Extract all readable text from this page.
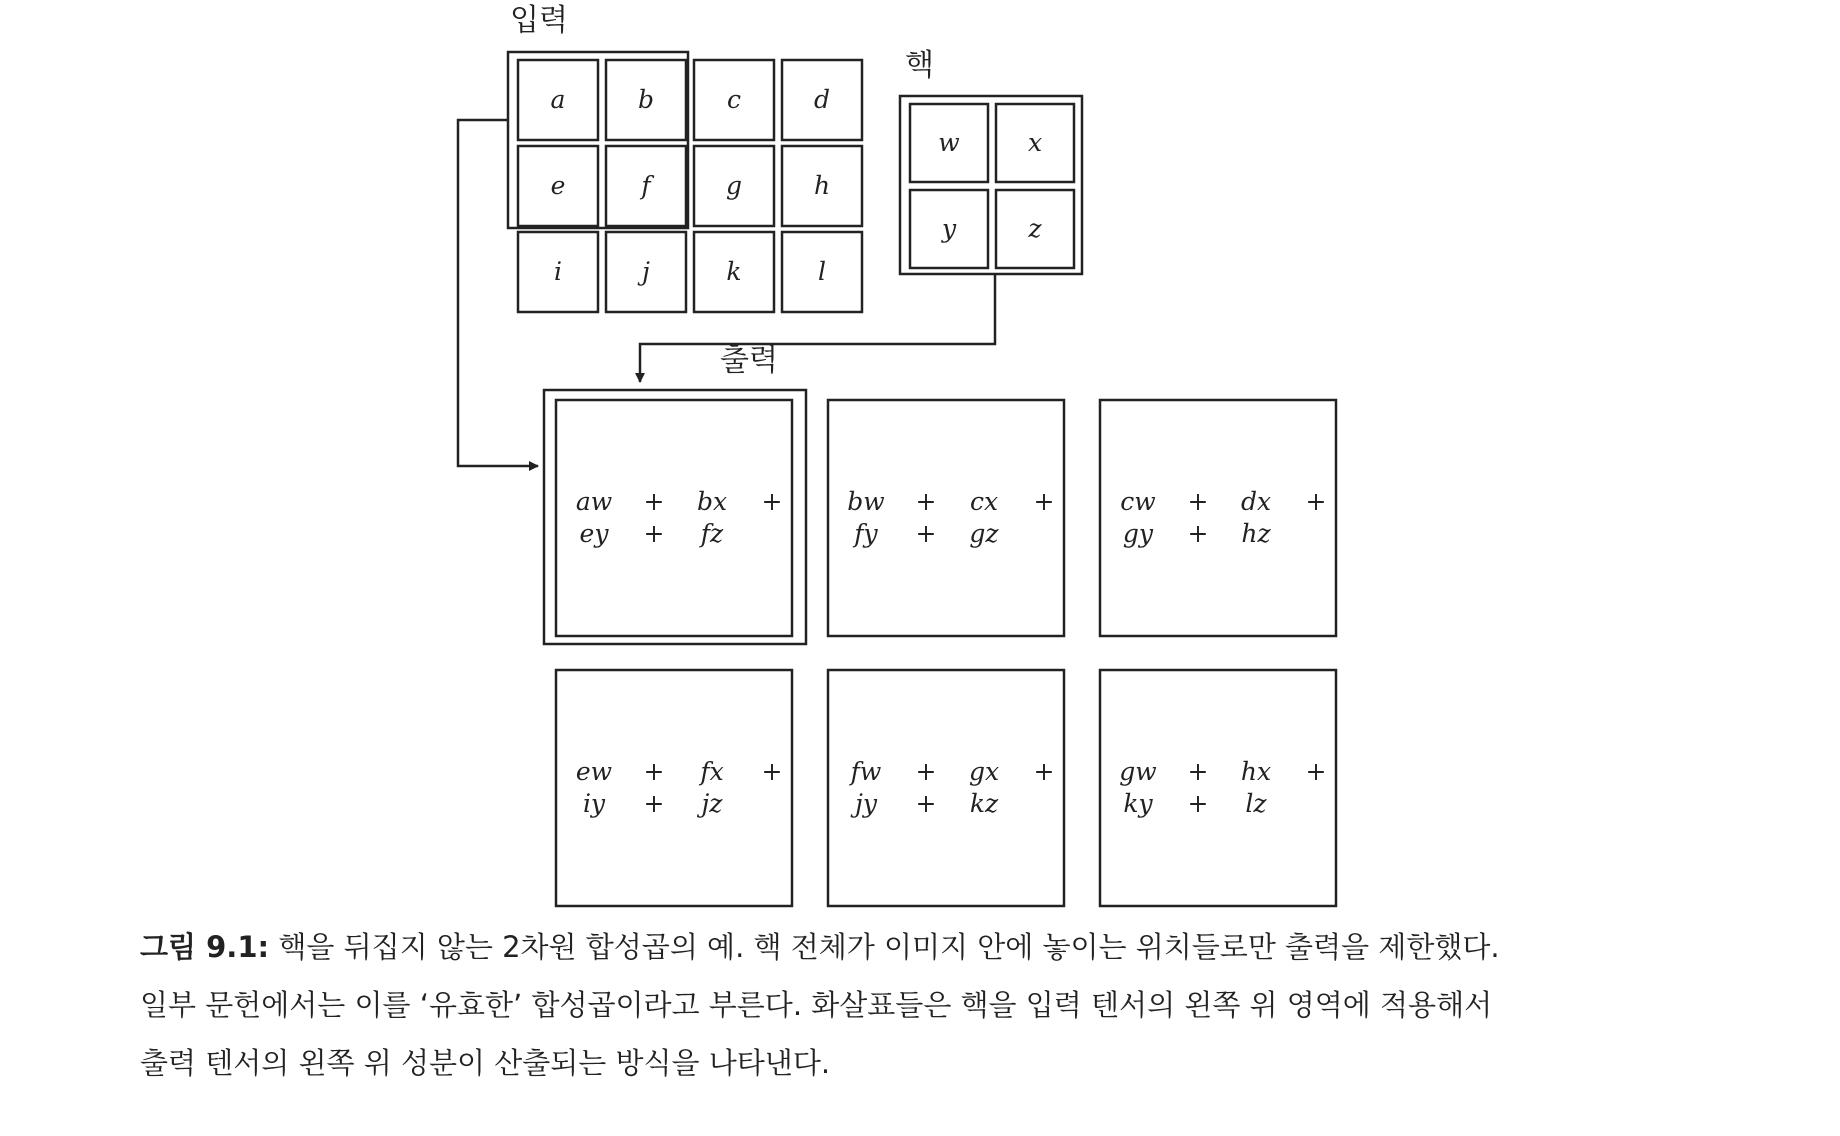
입력
핵
출력
a	b	c	d
e	f	g	h
i	j	k	l
w	x
y	z
aw + bx +
ey + fz
bw + cx +
fy + gz
cw + dx +
gy + hz
ew + fx +
iy + jz
fw + gx +
jy + kz
gw + hx +
ky + lz
그림 9.1: 핵을 뒤집지 않는 2차원 합성곱의 예. 핵 전체가 이미지 안에 놓이는 위치들로만 출력을 제한했다.
일부 문헌에서는 이를 ‘유효한’ 합성곱이라고 부른다. 화살표들은 핵을 입력 텐서의 왼쪽 위 영역에 적용해서
출력 텐서의 왼쪽 위 성분이 산출되는 방식을 나타낸다.
